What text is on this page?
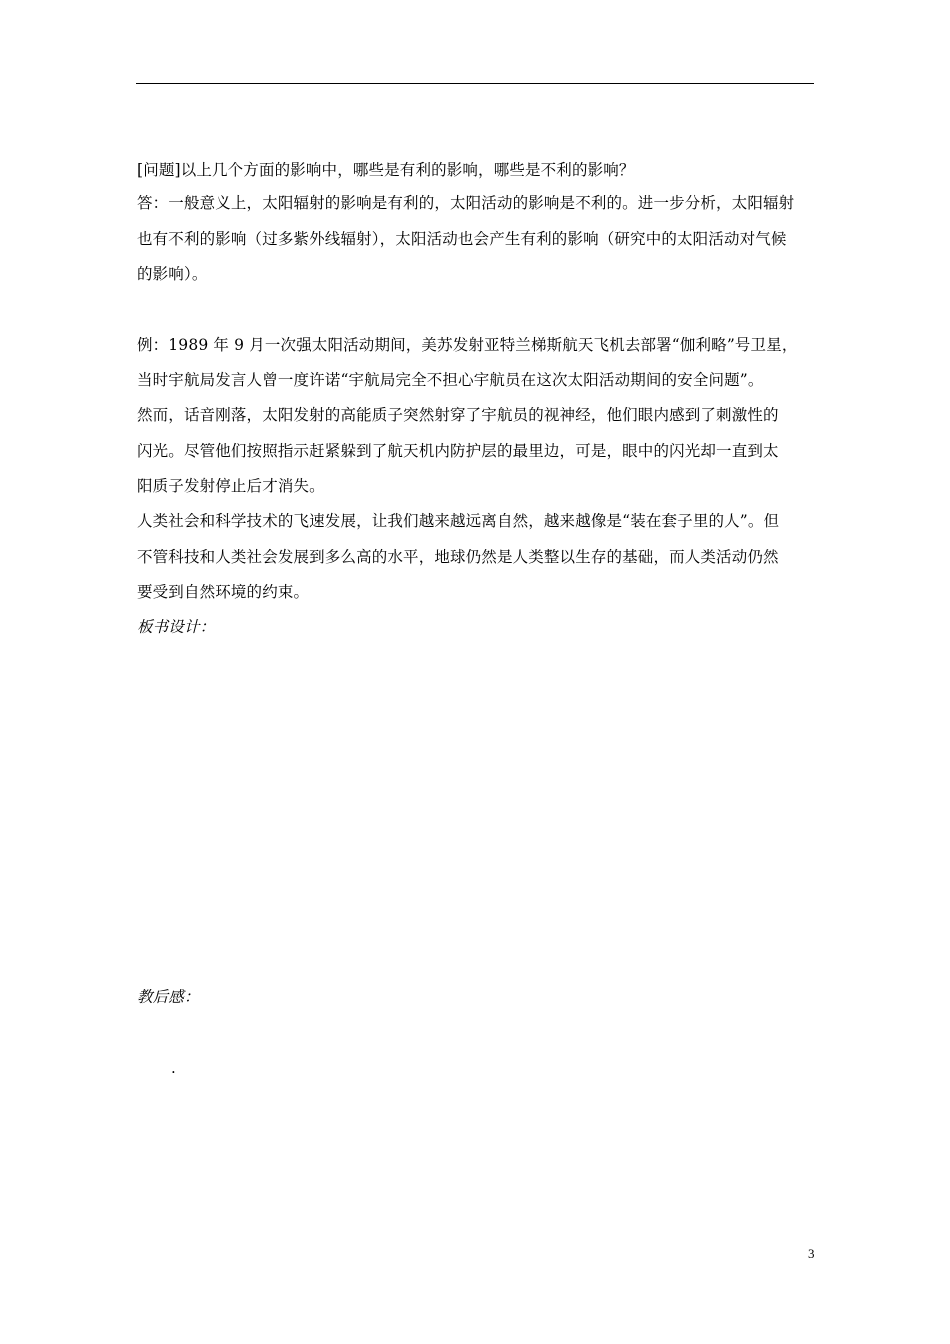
[问题]以上几个方面的影响中，哪些是有利的影响，哪些是不利的影响？
答：一般意义上，太阳辐射的影响是有利的，太阳活动的影响是不利的。进一步分析，太阳辐射
也有不利的影响（过多紫外线辐射），太阳活动也会产生有利的影响（研究中的太阳活动对气候
的影响）。
例：1989 年 9 月一次强太阳活动期间，美苏发射亚特兰梯斯航天飞机去部署“伽利略”号卫星，
当时宇航局发言人曾一度许诺“宇航局完全不担心宇航员在这次太阳活动期间的安全问题”。
然而，话音刚落，太阳发射的高能质子突然射穿了宇航员的视神经，他们眼内感到了刺激性的
闪光。尽管他们按照指示赶紧躲到了航天机内防护层的最里边，可是，眼中的闪光却一直到太
阳质子发射停止后才消失。
人类社会和科学技术的飞速发展，让我们越来越远离自然，越来越像是“装在套子里的人”。但
不管科技和人类社会发展到多么高的水平，地球仍然是人类整以生存的基础，而人类活动仍然
要受到自然环境的约束。
板书设计：
教后感：
.
3
